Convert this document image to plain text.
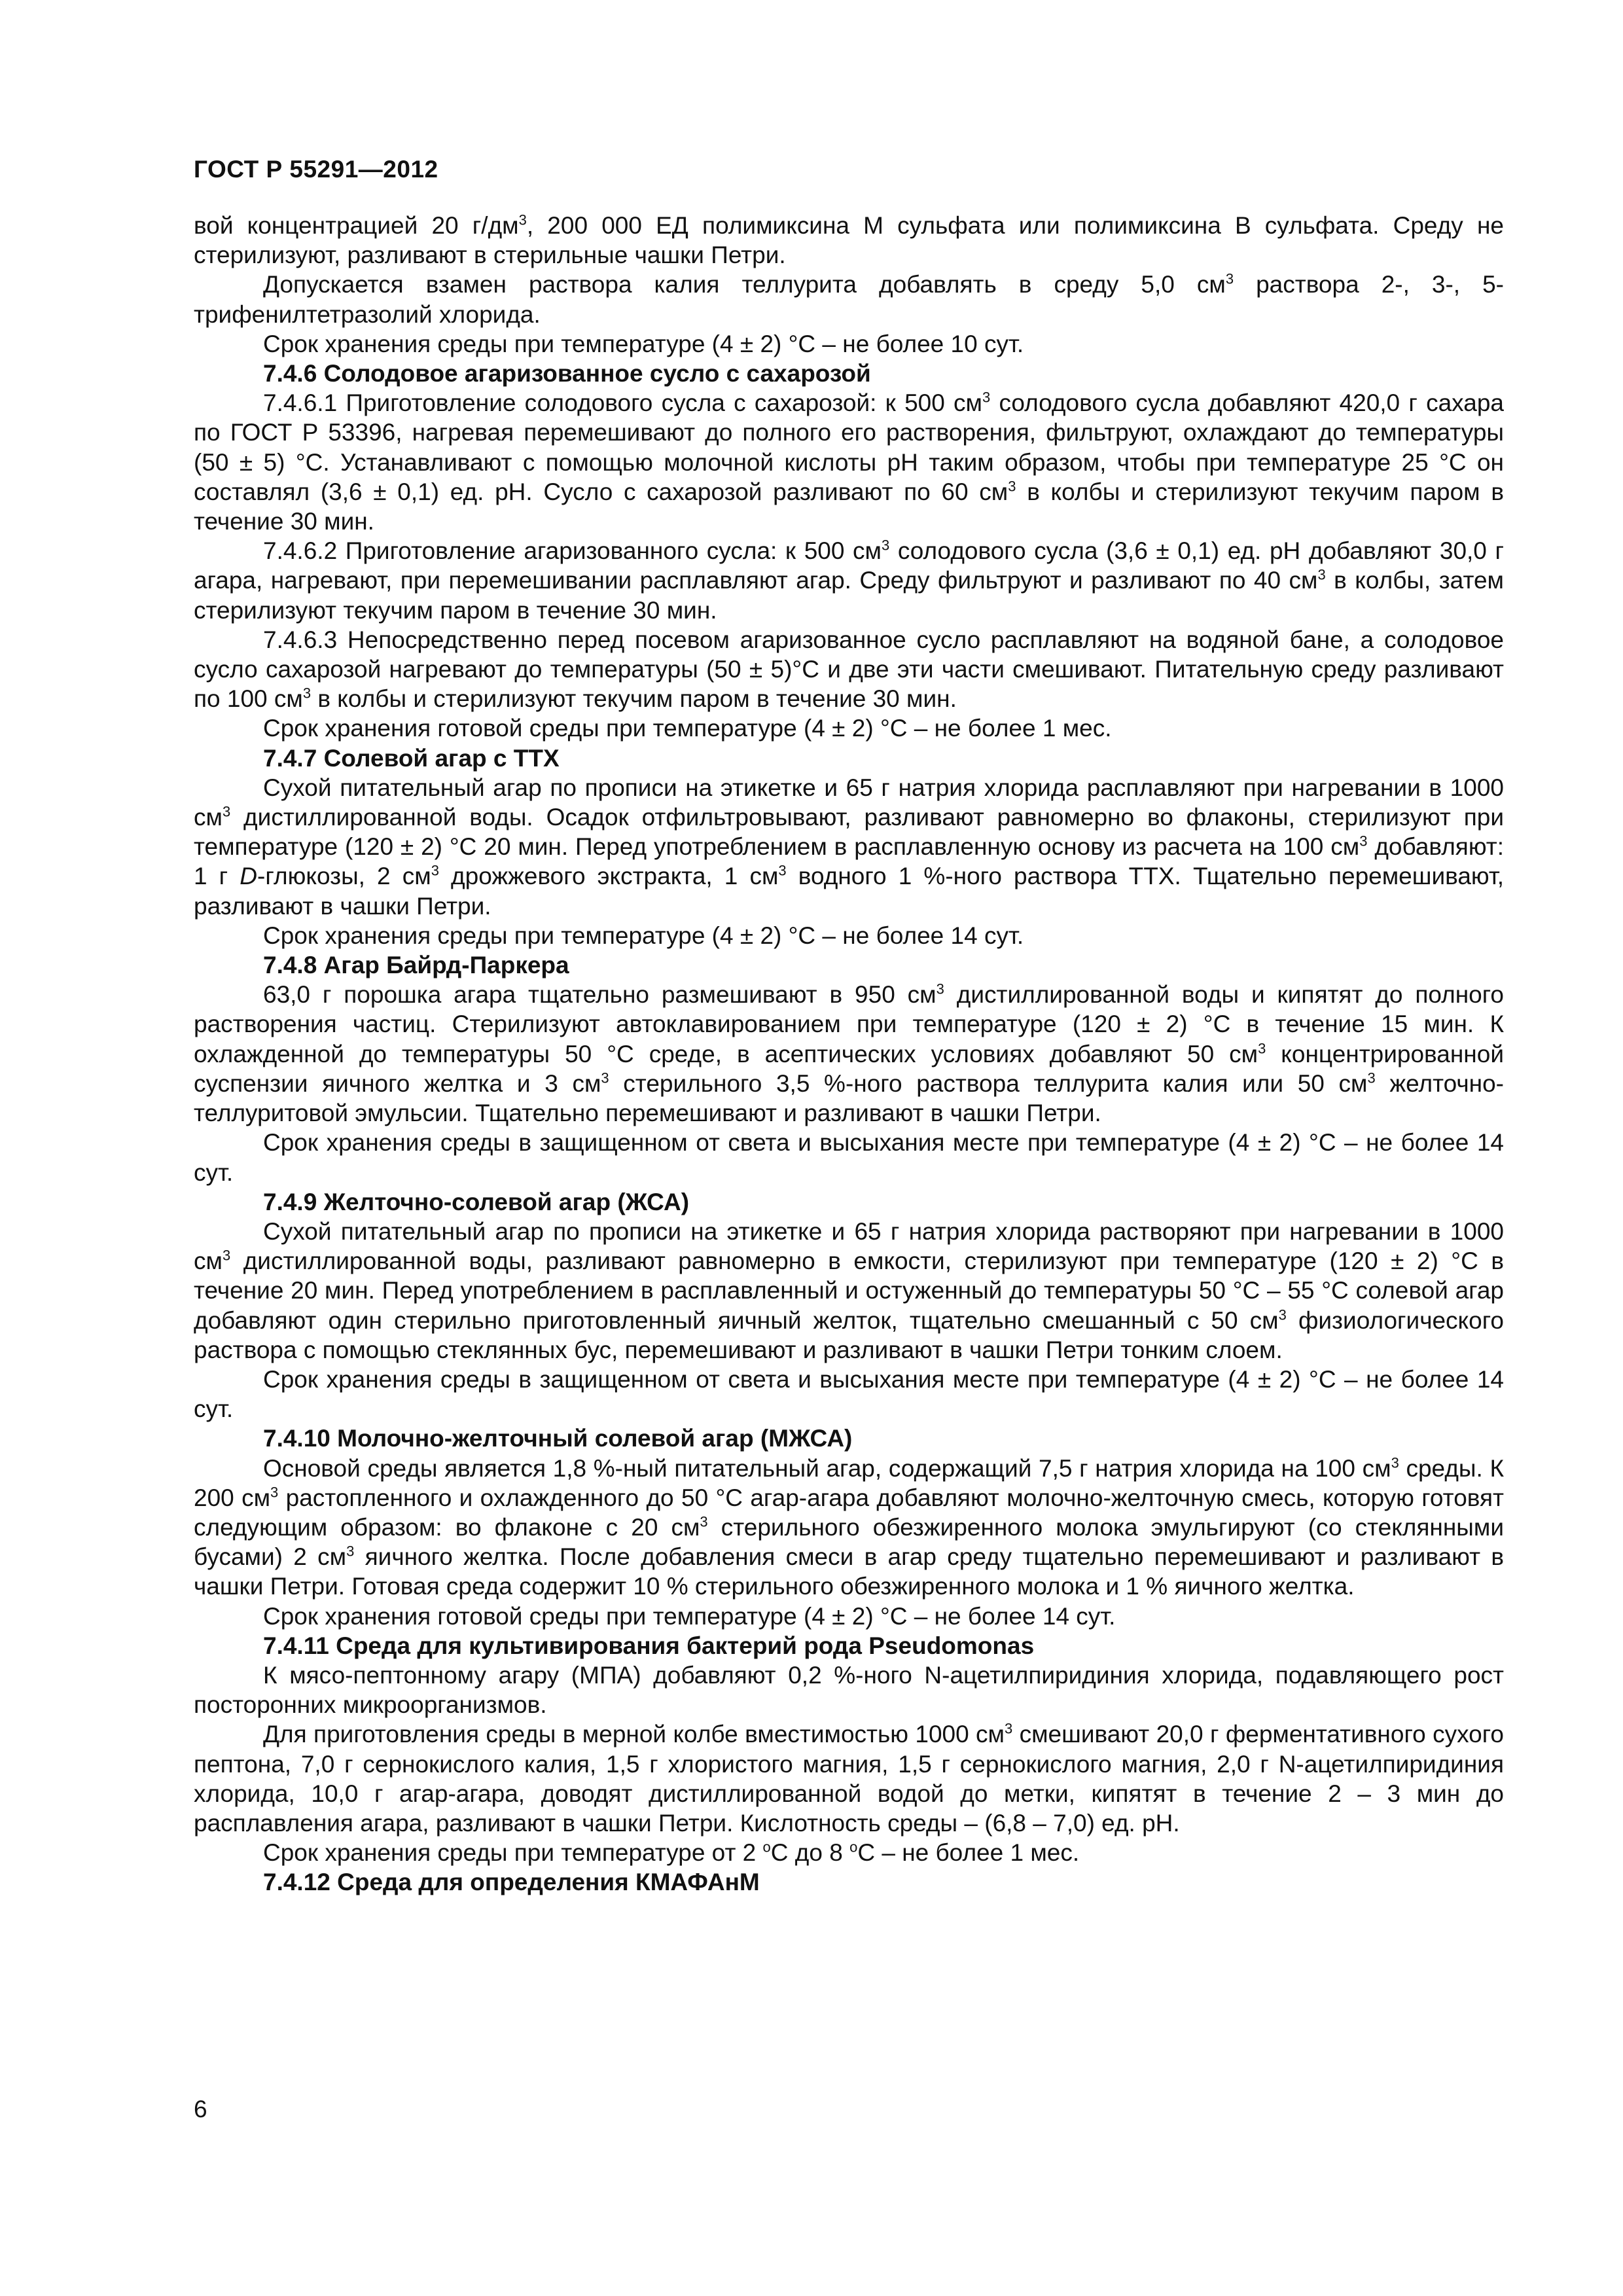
ГОСТ Р 55291—2012

вой концентрацией 20 $г/дм^3$, 200 000 ЕД полимиксина М сульфата или полимиксина В сульфата. Среду не стерилизуют, разливают в стерильные чашки Петри.

Допускается взамен раствора калия теллурита добавлять в среду 5,0 $см^3$ раствора 2-, 3-, 5-трифенилтетразолий хлорида.

Срок хранения среды при температуре (4 ± 2) °С – не более 10 сут.

7.4.6 Солодовое агаризованное сусло с сахарозой

7.4.6.1 Приготовление солодового сусла с сахарозой: к 500 $см^3$ солодового сусла добавляют 420,0 г сахара по ГОСТ Р 53396, нагревая перемешивают до полного его растворения, фильтруют, охлаждают до температуры (50 ± 5) °С. Устанавливают с помощью молочной кислоты рН таким образом, чтобы при температуре 25 °С он составлял (3,6 ± 0,1) ед. рН. Сусло с сахарозой разливают по 60 $см^3$ в колбы и стерилизуют текучим паром в течение 30 мин.

7.4.6.2 Приготовление агаризованного сусла: к 500 $см^3$ солодового сусла (3,6 ± 0,1) ед. рН добавляют 30,0 г агара, нагревают, при перемешивании расплавляют агар. Среду фильтруют и разливают по 40 $см^3$ в колбы, затем стерилизуют текучим паром в течение 30 мин.

7.4.6.3 Непосредственно перед посевом агаризованное сусло расплавляют на водяной бане, а солодовое сусло сахарозой нагревают до температуры (50 ± 5)°С и две эти части смешивают. Питательную среду разливают по 100 $см^3$ в колбы и стерилизуют текучим паром в течение 30 мин.

Срок хранения готовой среды при температуре (4 ± 2) °С – не более 1 мес.

7.4.7 Солевой агар с ТТХ

Сухой питательный агар по прописи на этикетке и 65 г натрия хлорида расплавляют при нагревании в 1000 $см^3$ дистиллированной воды. Осадок отфильтровывают, разливают равномерно во флаконы, стерилизуют при температуре (120 ± 2) °С 20 мин. Перед употреблением в расплавленную основу из расчета на 100 $см^3$ добавляют: 1 г D-глюкозы, 2 $см^3$ дрожжевого экстракта, 1 $см^3$ водного 1 %-ного раствора ТТХ. Тщательно перемешивают, разливают в чашки Петри.

Срок хранения среды при температуре (4 ± 2) °С – не более 14 сут.

7.4.8 Агар Байрд-Паркера

63,0 г порошка агара тщательно размешивают в 950 $см^3$ дистиллированной воды и кипятят до полного растворения частиц. Стерилизуют автоклавированием при температуре (120 ± 2) °С в течение 15 мин. К охлажденной до температуры 50 °С среде, в асептических условиях добавляют 50 $см^3$ концентрированной суспензии яичного желтка и 3 $см^3$ стерильного 3,5 %-ного раствора теллурита калия или 50 $см^3$ желточно-теллуритовой эмульсии. Тщательно перемешивают и разливают в чашки Петри.

Срок хранения среды в защищенном от света и высыхания месте при температуре (4 ± 2) °С – не более 14 сут.

7.4.9 Желточно-солевой агар (ЖСА)

Сухой питательный агар по прописи на этикетке и 65 г натрия хлорида растворяют при нагревании в 1000 $см^3$ дистиллированной воды, разливают равномерно в емкости, стерилизуют при температуре (120 ± 2) °С в течение 20 мин. Перед употреблением в расплавленный и остуженный до температуры 50 °С – 55 °С солевой агар добавляют один стерильно приготовленный яичный желток, тщательно смешанный с 50 $см^3$ физиологического раствора с помощью стеклянных бус, перемешивают и разливают в чашки Петри тонким слоем.

Срок хранения среды в защищенном от света и высыхания месте при температуре (4 ± 2) °С – не более 14 сут.

7.4.10 Молочно-желточный солевой агар (МЖСА)

Основой среды является 1,8 %-ный питательный агар, содержащий 7,5 г натрия хлорида на 100 $см^3$ среды. К 200 $см^3$ растопленного и охлажденного до 50 °С агар-агара добавляют молочно-желточную смесь, которую готовят следующим образом: во флаконе с 20 $см^3$ стерильного обезжиренного молока эмульгируют (со стеклянными бусами) 2 $см^3$ яичного желтка. После добавления смеси в агар среду тщательно перемешивают и разливают в чашки Петри. Готовая среда содержит 10 % стерильного обезжиренного молока и 1 % яичного желтка.

Срок хранения готовой среды при температуре (4 ± 2) °С – не более 14 сут.

7.4.11 Среда для культивирования бактерий рода Pseudomonas

К мясо-пептонному агару (МПА) добавляют 0,2 %-ного N-ацетилпиридиния хлорида, подавляющего рост посторонних микроорганизмов.

Для приготовления среды в мерной колбе вместимостью 1000 $см^3$ смешивают 20,0 г ферментативного сухого пептона, 7,0 г сернокислого калия, 1,5 г хлористого магния, 1,5 г сернокислого магния, 2,0 г N-ацетилпиридиния хлорида, 10,0 г агар-агара, доводят дистиллированной водой до метки, кипятят в течение 2 – 3 мин до расплавления агара, разливают в чашки Петри. Кислотность среды – (6,8 – 7,0) ед. рН.

Срок хранения среды при температуре от 2 $^о$С до 8 $^о$С – не более 1 мес.

7.4.12 Среда для определения КМАФАнМ

6
